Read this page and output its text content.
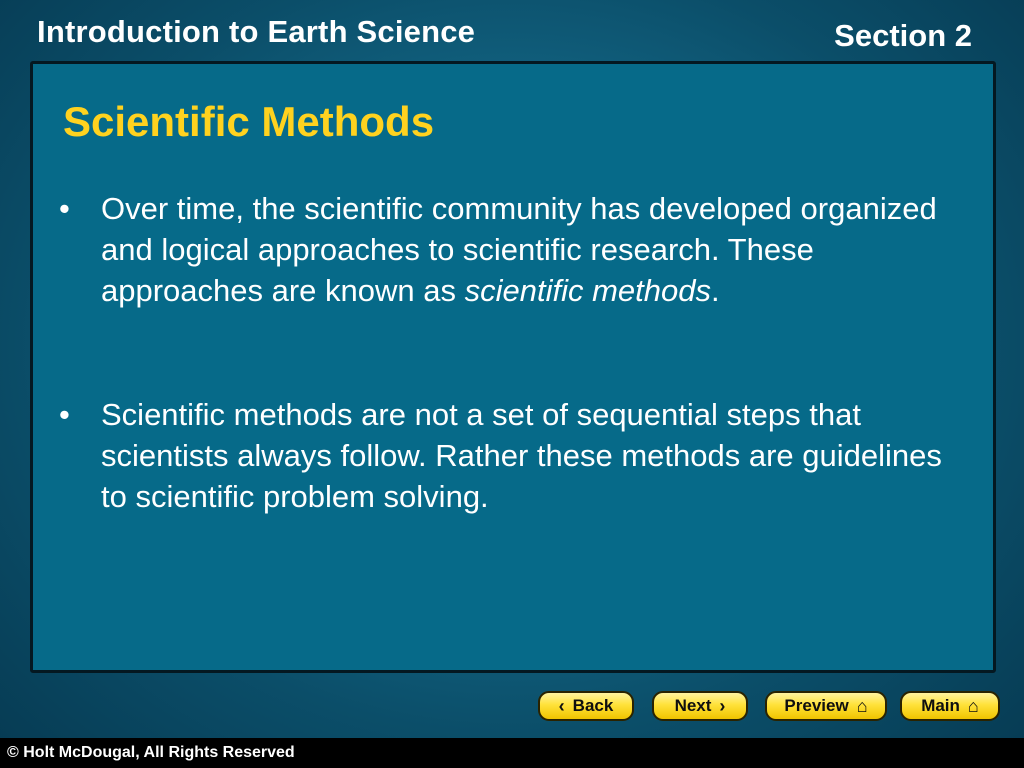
Introduction to Earth Science	Section 2
Scientific Methods
• Over time, the scientific community has developed organized and logical approaches to scientific research. These approaches are known as scientific methods.
• Scientific methods are not a set of sequential steps that scientists always follow. Rather these methods are guidelines to scientific problem solving.
‹ Back	Next ›	Preview ⌂	Main ⌂
© Holt McDougal, All Rights Reserved
